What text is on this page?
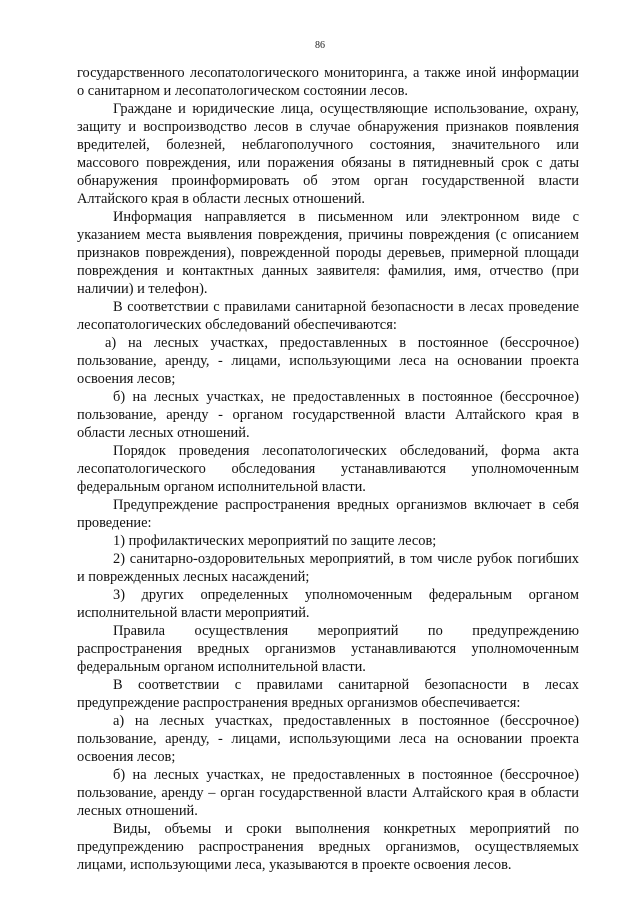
86

государственного лесопатологического мониторинга, а также иной информации о санитарном и лесопатологическом состоянии лесов.

Граждане и юридические лица, осуществляющие использование, охрану, защиту и воспроизводство лесов в случае обнаружения признаков появления вредителей, болезней, неблагополучного состояния, значительного или массового повреждения, или поражения обязаны в пятидневный срок с даты обнаружения проинформировать об этом орган государственной власти Алтайского края в области лесных отношений.

Информация направляется в письменном или электронном виде с указанием места выявления повреждения, причины повреждения (с описанием признаков повреждения), поврежденной породы деревьев, примерной площади повреждения и контактных данных заявителя: фамилия, имя, отчество (при наличии) и телефон).

В соответствии с правилами санитарной безопасности в лесах проведение лесопатологических обследований обеспечиваются:

а) на лесных участках, предоставленных в постоянное (бессрочное) пользование, аренду, - лицами, использующими леса на основании проекта освоения лесов;

б) на лесных участках, не предоставленных в постоянное (бессрочное) пользование, аренду - органом государственной власти Алтайского края в области лесных отношений.

Порядок проведения лесопатологических обследований, форма акта лесопатологического обследования устанавливаются уполномоченным федеральным органом исполнительной власти.

Предупреждение распространения вредных организмов включает в себя проведение:

1) профилактических мероприятий по защите лесов;

2) санитарно-оздоровительных мероприятий, в том числе рубок погибших и поврежденных лесных насаждений;

3) других определенных уполномоченным федеральным органом исполнительной власти мероприятий.

Правила осуществления мероприятий по предупреждению распространения вредных организмов устанавливаются уполномоченным федеральным органом исполнительной власти.

В соответствии с правилами санитарной безопасности в лесах предупреждение распространения вредных организмов обеспечивается:

а) на лесных участках, предоставленных в постоянное (бессрочное) пользование, аренду, - лицами, использующими леса на основании проекта освоения лесов;

б) на лесных участках, не предоставленных в постоянное (бессрочное) пользование, аренду – орган государственной власти Алтайского края в области лесных отношений.

Виды, объемы и сроки выполнения конкретных мероприятий по предупреждению распространения вредных организмов, осуществляемых лицами, использующими леса, указываются в проекте освоения лесов.
